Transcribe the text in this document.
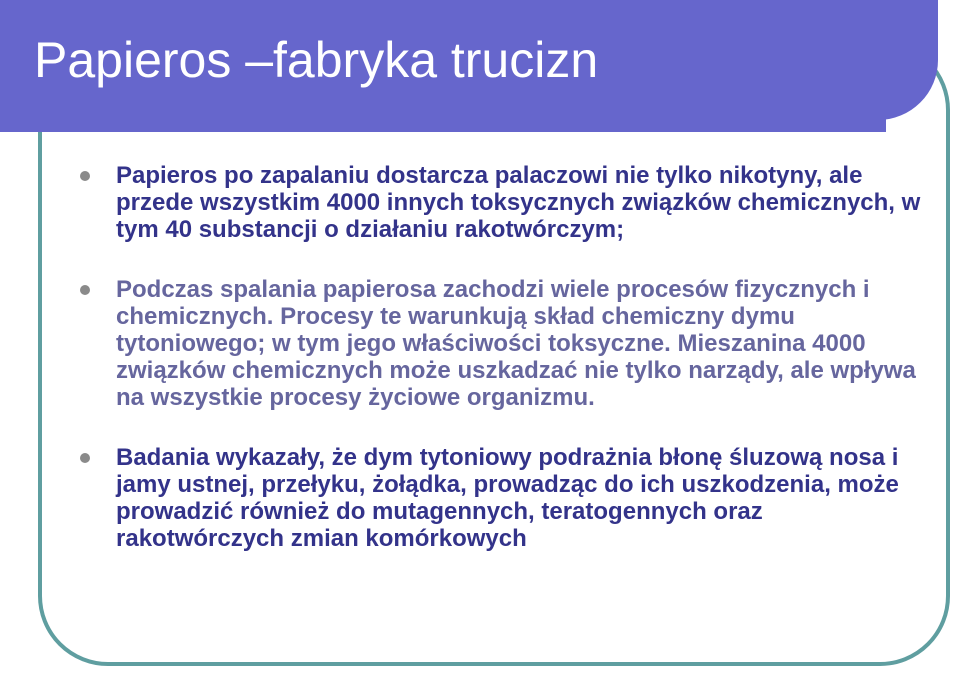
Papieros –fabryka trucizn

Papieros po zapalaniu dostarcza palaczowi nie tylko nikotyny, ale przede wszystkim 4000 innych toksycznych związków chemicznych, w tym 40 substancji o działaniu rakotwórczym;

Podczas spalania papierosa zachodzi wiele procesów fizycznych i chemicznych. Procesy te warunkują skład chemiczny dymu tytoniowego; w tym jego właściwości toksyczne. Mieszanina 4000 związków chemicznych może uszkadzać nie tylko narządy, ale wpływa na wszystkie procesy życiowe organizmu.

Badania wykazały, że dym tytoniowy podrażnia błonę śluzową nosa i jamy ustnej, przełyku, żołądka, prowadząc do ich uszkodzenia, może prowadzić również do mutagennych, teratogennych oraz rakotwórczych zmian komórkowych
